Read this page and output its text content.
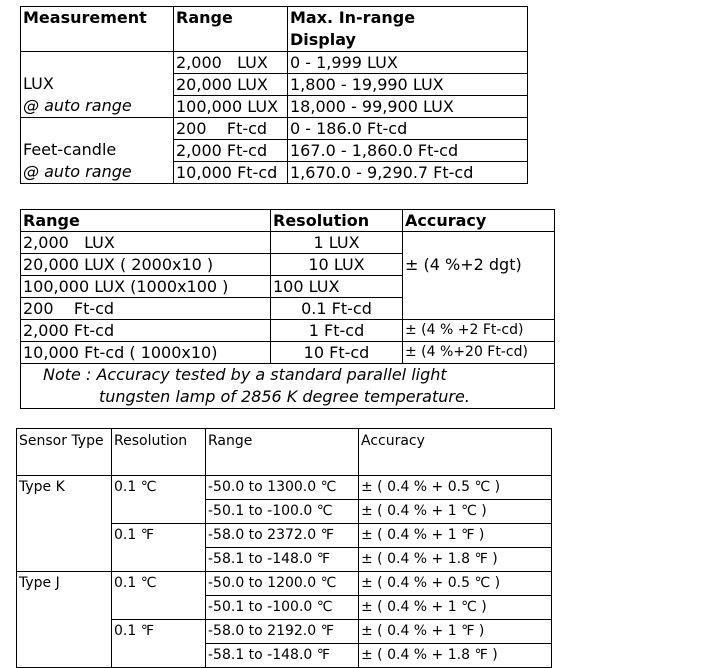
Measurement	Range	Max. In-range
Display
LUX
@ auto range	2,000   LUX	0 - 1,999 LUX
	20,000 LUX	1,800 - 19,990 LUX
	100,000 LUX	18,000 - 99,900 LUX
Feet-candle
@ auto range	200    Ft-cd	0 - 186.0 Ft-cd
	2,000 Ft-cd	167.0 - 1,860.0 Ft-cd
	10,000 Ft-cd	1,670.0 - 9,290.7 Ft-cd
Range	Resolution	Accuracy
2,000   LUX	1 LUX	± (4 %+2 dgt)
20,000 LUX ( 2000x10 )	10 LUX	
100,000 LUX (1000x100 )	100 LUX	
200    Ft-cd	0.1 Ft-cd	
2,000 Ft-cd	1 Ft-cd	± (4 % +2 Ft-cd)
10,000 Ft-cd ( 1000x10)	10 Ft-cd	± (4 %+20 Ft-cd)

Note : Accuracy tested by a standard parallel light
tungsten lamp of 2856 K degree temperature.		
Sensor Type	Resolution	Range	Accuracy
Type K	0.1 ℃	-50.0 to 1300.0 ℃	± ( 0.4 % + 0.5 ℃ )
		-50.1 to -100.0 ℃	± ( 0.4 % + 1 ℃ )
	0.1 ℉	-58.0 to 2372.0 ℉	± ( 0.4 % + 1 ℉ )
		-58.1 to -148.0 ℉	± ( 0.4 % + 1.8 ℉ )
Type J	0.1 ℃	-50.0 to 1200.0 ℃	± ( 0.4 % + 0.5 ℃ )
		-50.1 to -100.0 ℃	± ( 0.4 % + 1 ℃ )
	0.1 ℉	-58.0 to 2192.0 ℉	± ( 0.4 % + 1 ℉ )
		-58.1 to -148.0 ℉	± ( 0.4 % + 1.8 ℉ )
